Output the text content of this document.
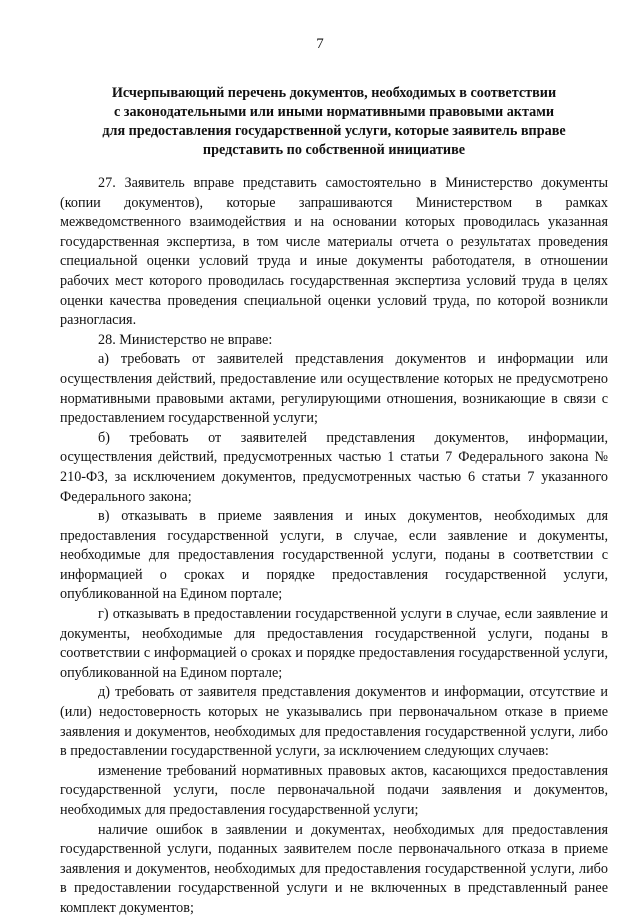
7
Исчерпывающий перечень документов, необходимых в соответствии
с законодательными или иными нормативными правовыми актами
для предоставления государственной услуги, которые заявитель вправе
представить по собственной инициативе

27. Заявитель вправе представить самостоятельно в Министерство документы (копии документов), которые запрашиваются Министерством в рамках межведомственного взаимодействия и на основании которых проводилась указанная государственная экспертиза, в том числе материалы отчета о результатах проведения специальной оценки условий труда и иные документы работодателя, в отношении рабочих мест которого проводилась государственная экспертиза условий труда в целях оценки качества проведения специальной оценки условий труда, по которой возникли разногласия.

28. Министерство не вправе:

а) требовать от заявителей представления документов и информации или осуществления действий, предоставление или осуществление которых не предусмотрено нормативными правовыми актами, регулирующими отношения, возникающие в связи с предоставлением государственной услуги;

б) требовать от заявителей представления документов, информации, осуществления действий, предусмотренных частью 1 статьи 7 Федерального закона № 210-ФЗ, за исключением документов, предусмотренных частью 6 статьи 7 указанного Федерального закона;

в) отказывать в приеме заявления и иных документов, необходимых для предоставления государственной услуги, в случае, если заявление и документы, необходимые для предоставления государственной услуги, поданы в соответствии с информацией о сроках и порядке предоставления государственной услуги, опубликованной на Едином портале;

г) отказывать в предоставлении государственной услуги в случае, если заявление и документы, необходимые для предоставления государственной услуги, поданы в соответствии с информацией о сроках и порядке предоставления государственной услуги, опубликованной на Едином портале;

д) требовать от заявителя представления документов и информации, отсутствие и (или) недостоверность которых не указывались при первоначальном отказе в приеме заявления и документов, необходимых для предоставления государственной услуги, либо в предоставлении государственной услуги, за исключением следующих случаев:

изменение требований нормативных правовых актов, касающихся предоставления государственной услуги, после первоначальной подачи заявления и документов, необходимых для предоставления государственной услуги;

наличие ошибок в заявлении и документах, необходимых для предоставления государственной услуги, поданных заявителем после первоначального отказа в приеме заявления и документов, необходимых для предоставления государственной услуги, либо в предоставлении государственной услуги и не включенных в представленный ранее комплект документов;
